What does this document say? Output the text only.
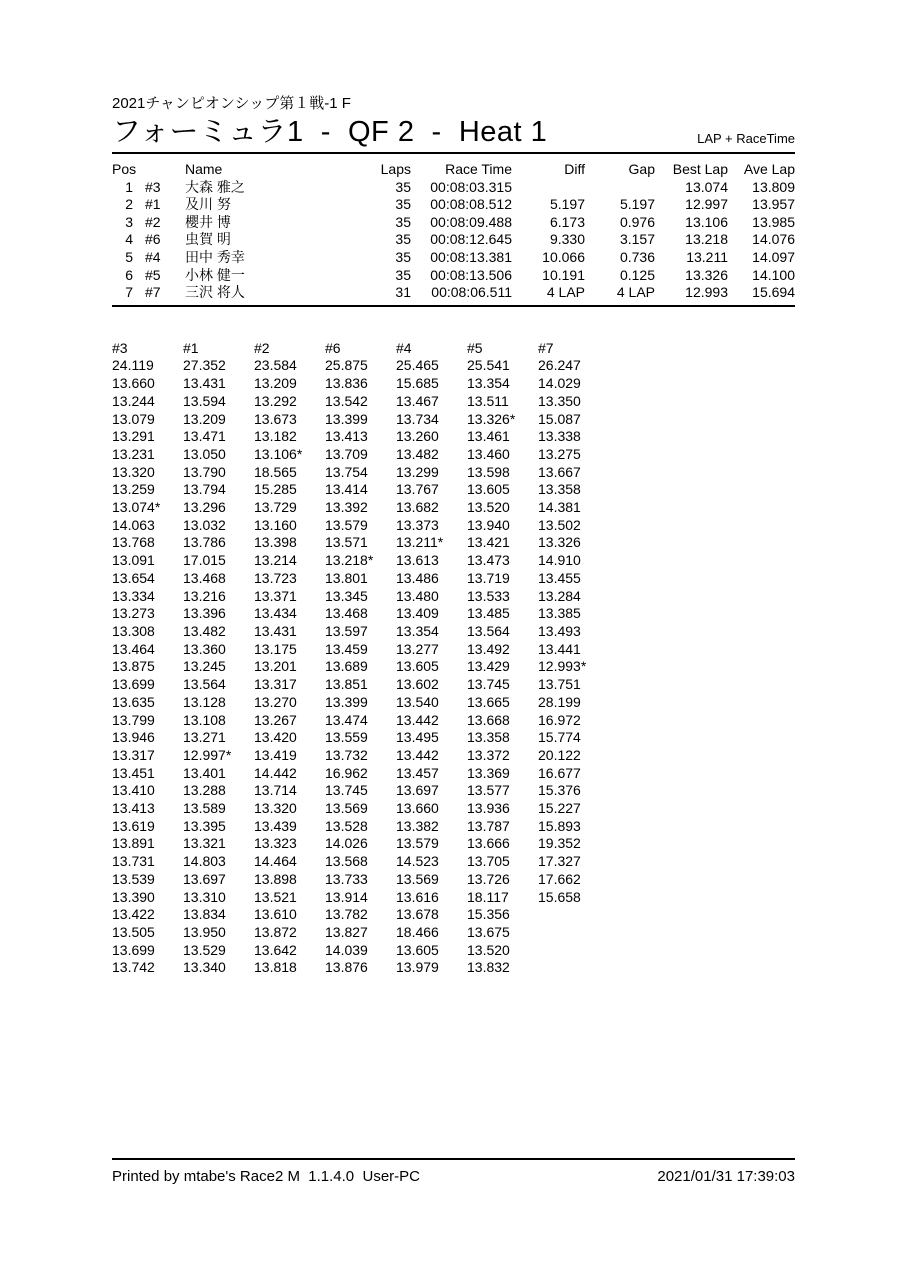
2021チャンピオンシップ第１戦-1 F
フォーミュラ1  -  QF 2  -  Heat 1	LAP + RaceTime
Pos		Name	Laps	Race Time	Diff	Gap	Best Lap	Ave Lap
1	#3	大森 雅之	35	00:08:03.315			13.074	13.809
2	#1	及川 努	35	00:08:08.512	5.197	5.197	12.997	13.957
3	#2	櫻井 博	35	00:08:09.488	6.173	0.976	13.106	13.985
4	#6	虫賀 明	35	00:08:12.645	9.330	3.157	13.218	14.076
5	#4	田中 秀幸	35	00:08:13.381	10.066	0.736	13.211	14.097
6	#5	小林 健一	35	00:08:13.506	10.191	0.125	13.326	14.100
7	#7	三沢 将人	31	00:08:06.511	4 LAP	4 LAP	12.993	15.694
#3	#1	#2	#6	#4	#5	#7
24.119	27.352	23.584	25.875	25.465	25.541	26.247
13.660	13.431	13.209	13.836	15.685	13.354	14.029
13.244	13.594	13.292	13.542	13.467	13.511	13.350
13.079	13.209	13.673	13.399	13.734	13.326*	15.087
13.291	13.471	13.182	13.413	13.260	13.461	13.338
13.231	13.050	13.106*	13.709	13.482	13.460	13.275
13.320	13.790	18.565	13.754	13.299	13.598	13.667
13.259	13.794	15.285	13.414	13.767	13.605	13.358
13.074*	13.296	13.729	13.392	13.682	13.520	14.381
14.063	13.032	13.160	13.579	13.373	13.940	13.502
13.768	13.786	13.398	13.571	13.211*	13.421	13.326
13.091	17.015	13.214	13.218*	13.613	13.473	14.910
13.654	13.468	13.723	13.801	13.486	13.719	13.455
13.334	13.216	13.371	13.345	13.480	13.533	13.284
13.273	13.396	13.434	13.468	13.409	13.485	13.385
13.308	13.482	13.431	13.597	13.354	13.564	13.493
13.464	13.360	13.175	13.459	13.277	13.492	13.441
13.875	13.245	13.201	13.689	13.605	13.429	12.993*
13.699	13.564	13.317	13.851	13.602	13.745	13.751
13.635	13.128	13.270	13.399	13.540	13.665	28.199
13.799	13.108	13.267	13.474	13.442	13.668	16.972
13.946	13.271	13.420	13.559	13.495	13.358	15.774
13.317	12.997*	13.419	13.732	13.442	13.372	20.122
13.451	13.401	14.442	16.962	13.457	13.369	16.677
13.410	13.288	13.714	13.745	13.697	13.577	15.376
13.413	13.589	13.320	13.569	13.660	13.936	15.227
13.619	13.395	13.439	13.528	13.382	13.787	15.893
13.891	13.321	13.323	14.026	13.579	13.666	19.352
13.731	14.803	14.464	13.568	14.523	13.705	17.327
13.539	13.697	13.898	13.733	13.569	13.726	17.662
13.390	13.310	13.521	13.914	13.616	18.117	15.658
13.422	13.834	13.610	13.782	13.678	15.356	
13.505	13.950	13.872	13.827	18.466	13.675	
13.699	13.529	13.642	14.039	13.605	13.520	
13.742	13.340	13.818	13.876	13.979	13.832	
Printed by mtabe's Race2 M  1.1.4.0  User-PC	2021/01/31 17:39:03
